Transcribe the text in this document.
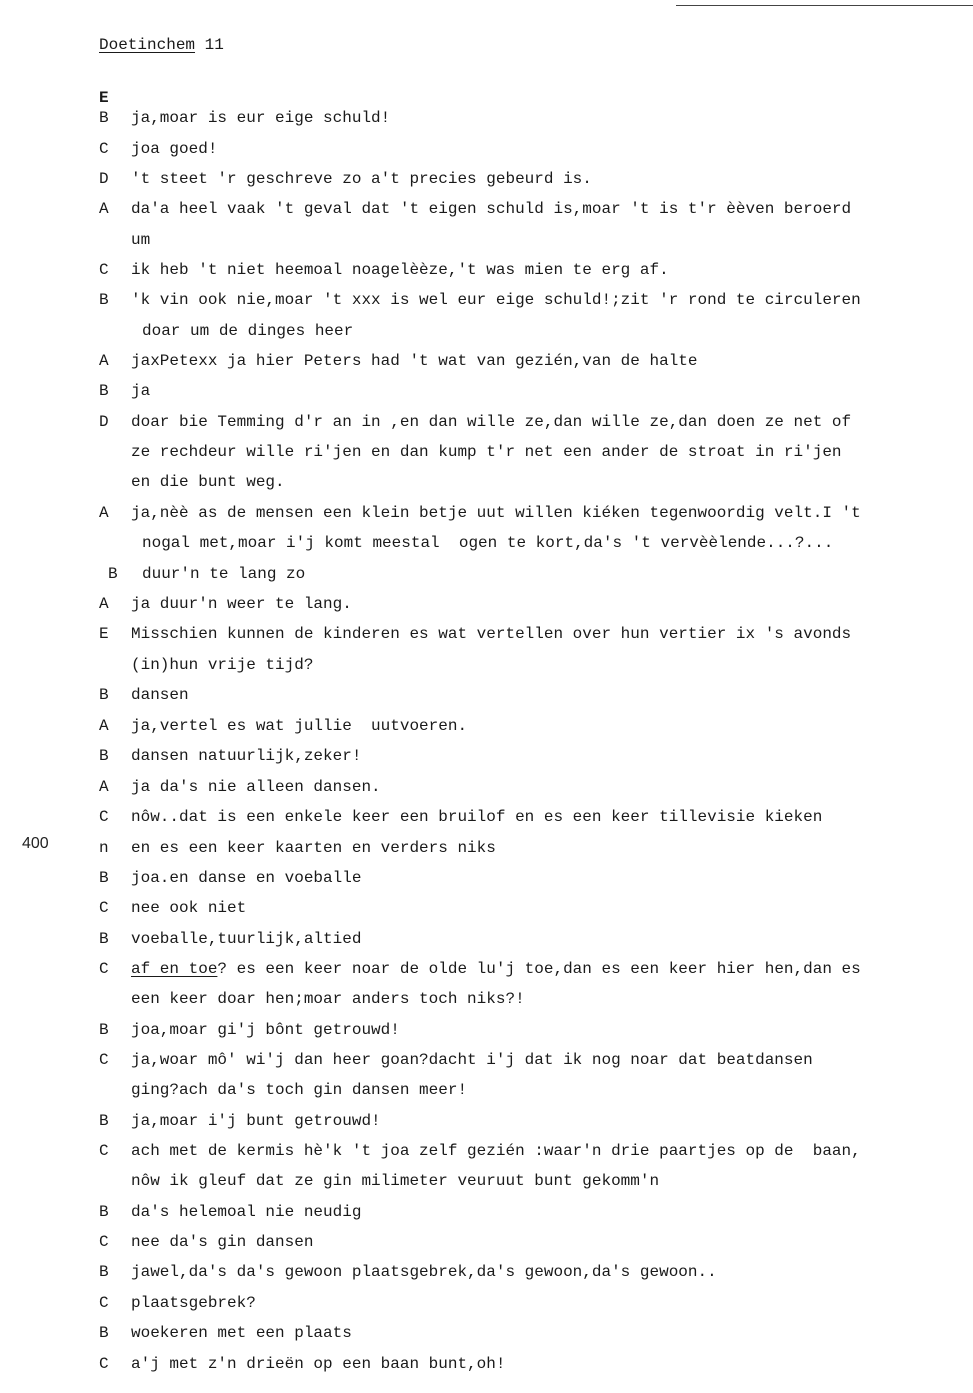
Doetinchem 11
400
E
B ja,moar is eur eige schuld!
C joa goed!
D 't steet 'r geschreve zo a't precies gebeurd is.
A da'a heel vaak 't geval dat 't eigen schuld is,moar 't is t'r èèven beroerd
um
C ik heb 't niet heemoal noagelèèze,'t was mien te erg af.
B 'k vin ook nie,moar 't xxx is wel eur eige schuld!;zit 'r rond te circuleren
doar um de dinges heer
A jaxPetexx ja hier Peters had 't wat van gezién,van de halte
B ja
D doar bie Temming d'r an in ,en dan wille ze,dan wille ze,dan doen ze net of
ze rechdeur wille ri'jen en dan kump t'r net een ander de stroat in ri'jen
en die bunt weg.
A ja,nèè as de mensen een klein betje uut willen kiéken tegenwoordig velt.I 't
nogal met,moar i'j komt meestal  ogen te kort,da's 't vervèèlende...?...
B duur'n te lang zo
A ja duur'n weer te lang.
E Misschien kunnen de kinderen es wat vertellen over hun vertier ix 's avonds
(in)hun vrije tijd?
B dansen
A ja,vertel es wat jullie  uutvoeren.
B dansen natuurlijk,zeker!
A ja da's nie alleen dansen.
C nôw..dat is een enkele keer een bruilof en es een keer tillevisie kieken
n en es een keer kaarten en verders niks
B joa.en danse en voeballe
C nee ook niet
B voeballe,tuurlijk,altied
C af en toe? es een keer noar de olde lu'j toe,dan es een keer hier hen,dan es
een keer doar hen;moar anders toch niks?!
B joa,moar gi'j bônt getrouwd!
C ja,woar mô' wi'j dan heer goan?dacht i'j dat ik nog noar dat beatdansen
ging?ach da's toch gin dansen meer!
B ja,moar i'j bunt getrouwd!
C ach met de kermis hè'k 't joa zelf gezién :waar'n drie paartjes op de  baan,
nôw ik gleuf dat ze gin milimeter veuruut bunt gekomm'n
B da's helemoal nie neudig
C nee da's gin dansen
B jawel,da's da's gewoon plaatsgebrek,da's gewoon,da's gewoon..
C plaatsgebrek?
B woekeren met een plaats
C a'j met z'n drieën op een baan bunt,oh!
